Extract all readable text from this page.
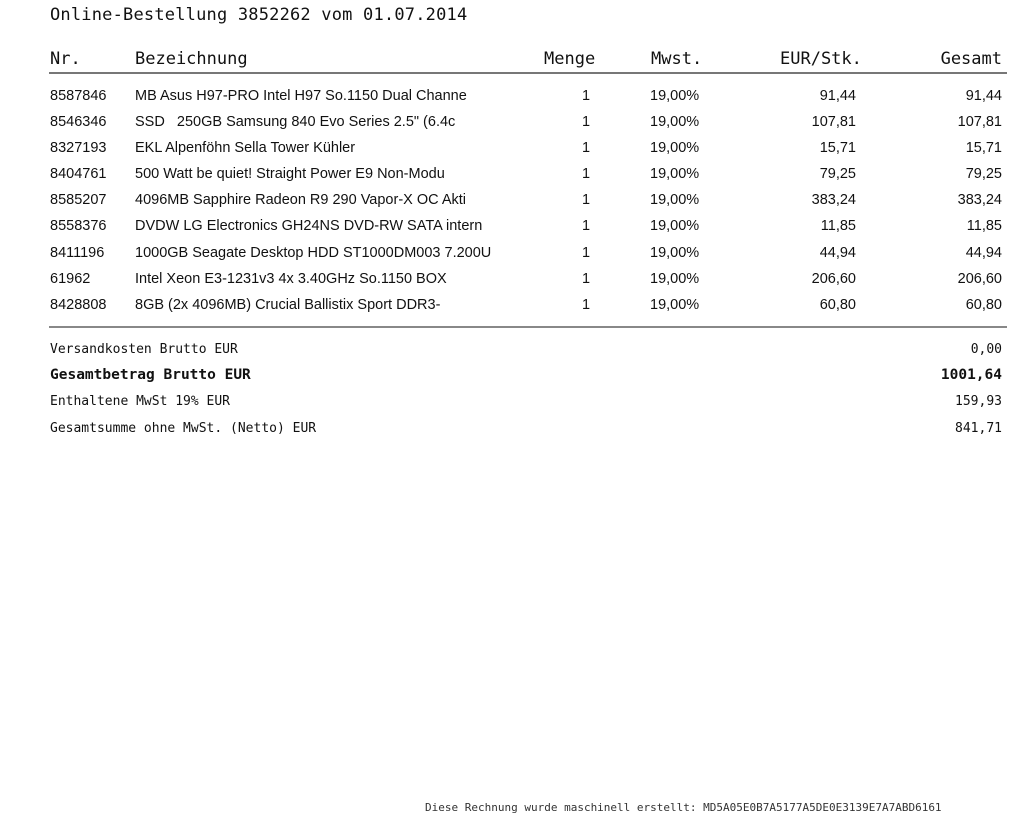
Online-Bestellung 3852262 vom 01.07.2014
Nr.	Bezeichnung	Menge	Mwst.	EUR/Stk.	Gesamt
8587846 MB Asus H97-PRO Intel H97 So.1150 Dual Channe	1	19,00%	91,44	91,44
8546346 SSD   250GB Samsung 840 Evo Series 2.5" (6.4c	1	19,00%	107,81	107,81
8327193 EKL Alpenföhn Sella Tower Kühler	1	19,00%	15,71	15,71
8404761 500 Watt be quiet! Straight Power E9 Non-Modu	1	19,00%	79,25	79,25
8585207 4096MB Sapphire Radeon R9 290 Vapor-X OC Akti	1	19,00%	383,24	383,24
8558376 DVDW LG Electronics GH24NS DVD-RW SATA intern	1	19,00%	11,85	11,85
8411196 1000GB Seagate Desktop HDD ST1000DM003 7.200U	1	19,00%	44,94	44,94
61962	Intel Xeon E3-1231v3 4x 3.40GHz So.1150 BOX	1	19,00%	206,60	206,60
8428808 8GB (2x 4096MB) Crucial Ballistix Sport DDR3-	1	19,00%	60,80	60,80
Versandkosten Brutto EUR	0,00
Gesamtbetrag Brutto EUR	1001,64
Enthaltene MwSt 19% EUR	159,93
Gesamtsumme ohne MwSt. (Netto) EUR	841,71
Diese Rechnung wurde maschinell erstellt: MD5A05E0B7A5177A5DE0E3139E7A7ABD6161
